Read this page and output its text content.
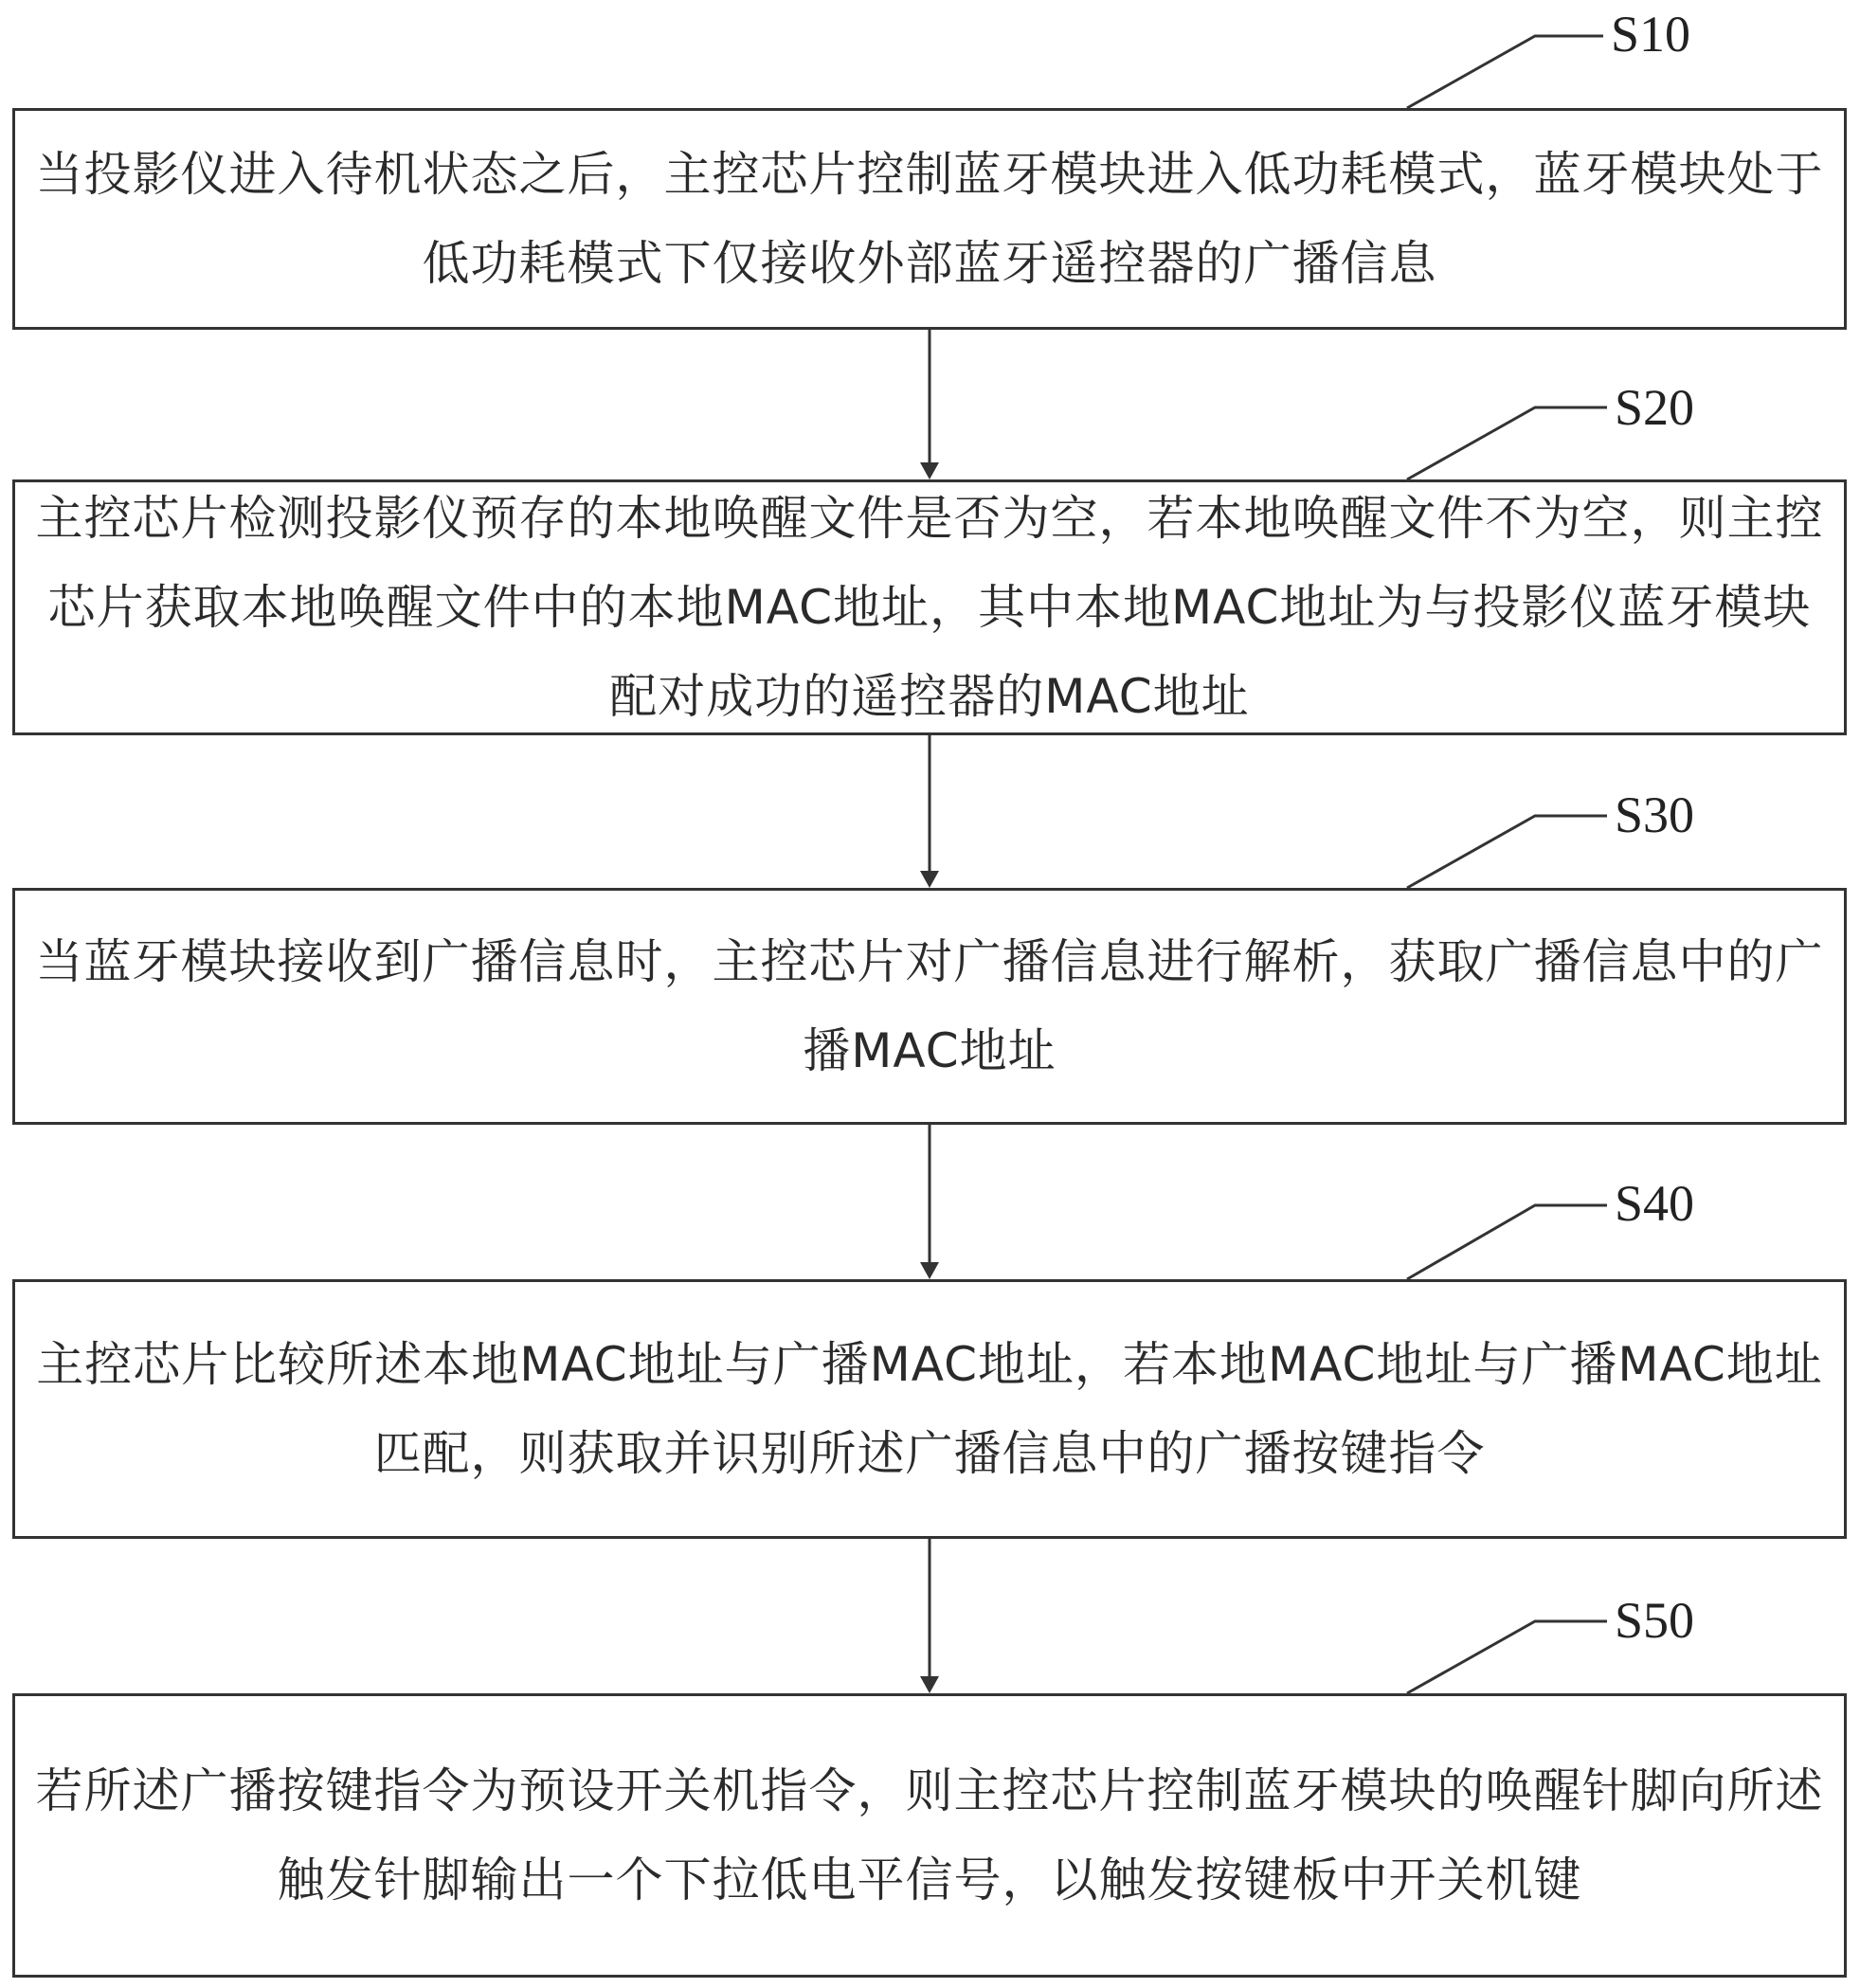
S10
当投影仪进入待机状态之后，主控芯片控制蓝牙模块进入低功耗模式，蓝牙模块处于低功耗模式下仅接收外部蓝牙遥控器的广播信息
S20
主控芯片检测投影仪预存的本地唤醒文件是否为空，若本地唤醒文件不为空，则主控芯片获取本地唤醒文件中的本地MAC地址，其中本地MAC地址为与投影仪蓝牙模块配对成功的遥控器的MAC地址
S30
当蓝牙模块接收到广播信息时，主控芯片对广播信息进行解析，获取广播信息中的广播MAC地址
S40
主控芯片比较所述本地MAC地址与广播MAC地址，若本地MAC地址与广播MAC地址匹配，则获取并识别所述广播信息中的广播按键指令
S50
若所述广播按键指令为预设开关机指令，则主控芯片控制蓝牙模块的唤醒针脚向所述触发针脚输出一个下拉低电平信号，以触发按键板中开关机键
